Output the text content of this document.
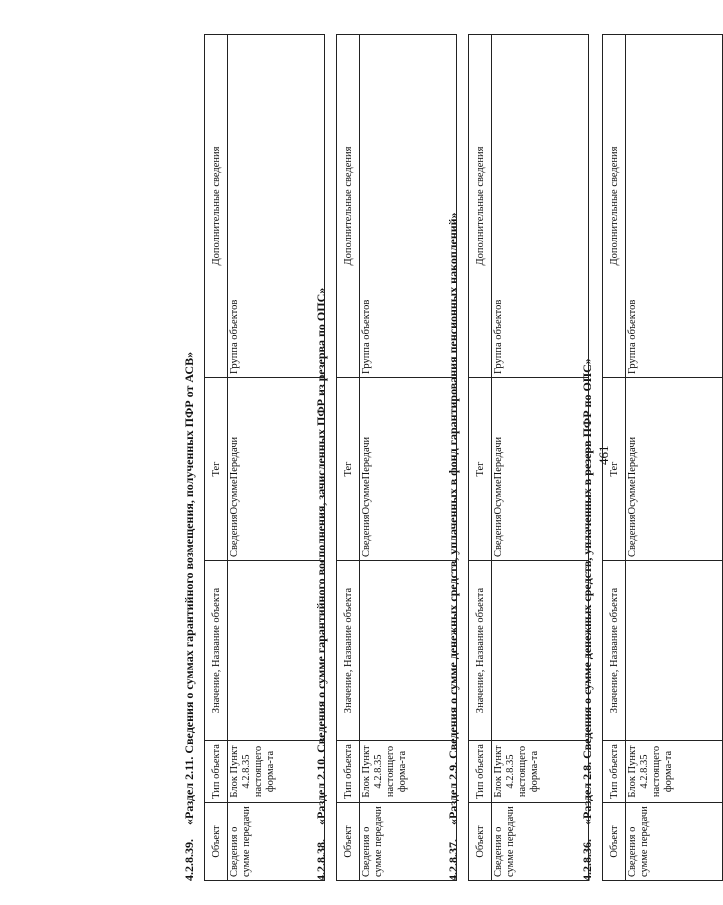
461
4.2.8.36.«Раздел 2.8. Сведения о сумме денежных средств, уплаченных в резерв ПФР по ОПС»
Объект	Тип объекта	Значение, Название объекта	Тег	Дополнительные сведения
Сведения о сумме передачи	Блок Пункт 4.2.8.35 настоящего форма-та		СведенияОсуммеПередачи	Группа объектов
4.2.8.37.«Раздел 2.9. Сведения о сумме денежных средств, уплаченных в фонд гарантирования пенсионных накоплений»
Объект	Тип объекта	Значение, Название объекта	Тег	Дополнительные сведения
Сведения о сумме передачи	Блок Пункт 4.2.8.35 настоящего форма-та		СведенияОсуммеПередачи	Группа объектов
4.2.8.38.«Раздел 2.10. Сведения о сумме гарантийного восполнения, зачисленных ПФР из резерва по ОПС»
Объект	Тип объекта	Значение, Название объекта	Тег	Дополнительные сведения
Сведения о сумме передачи	Блок Пункт 4.2.8.35 настоящего форма-та		СведенияОсуммеПередачи	Группа объектов
4.2.8.39.«Раздел 2.11. Сведения о суммах гарантийного возмещения, полученных ПФР от АСВ»
Объект	Тип объекта	Значение, Название объекта	Тег	Дополнительные сведения
Сведения о сумме передачи	Блок Пункт 4.2.8.35 настоящего форма-та		СведенияОсуммеПередачи	Группа объектов
